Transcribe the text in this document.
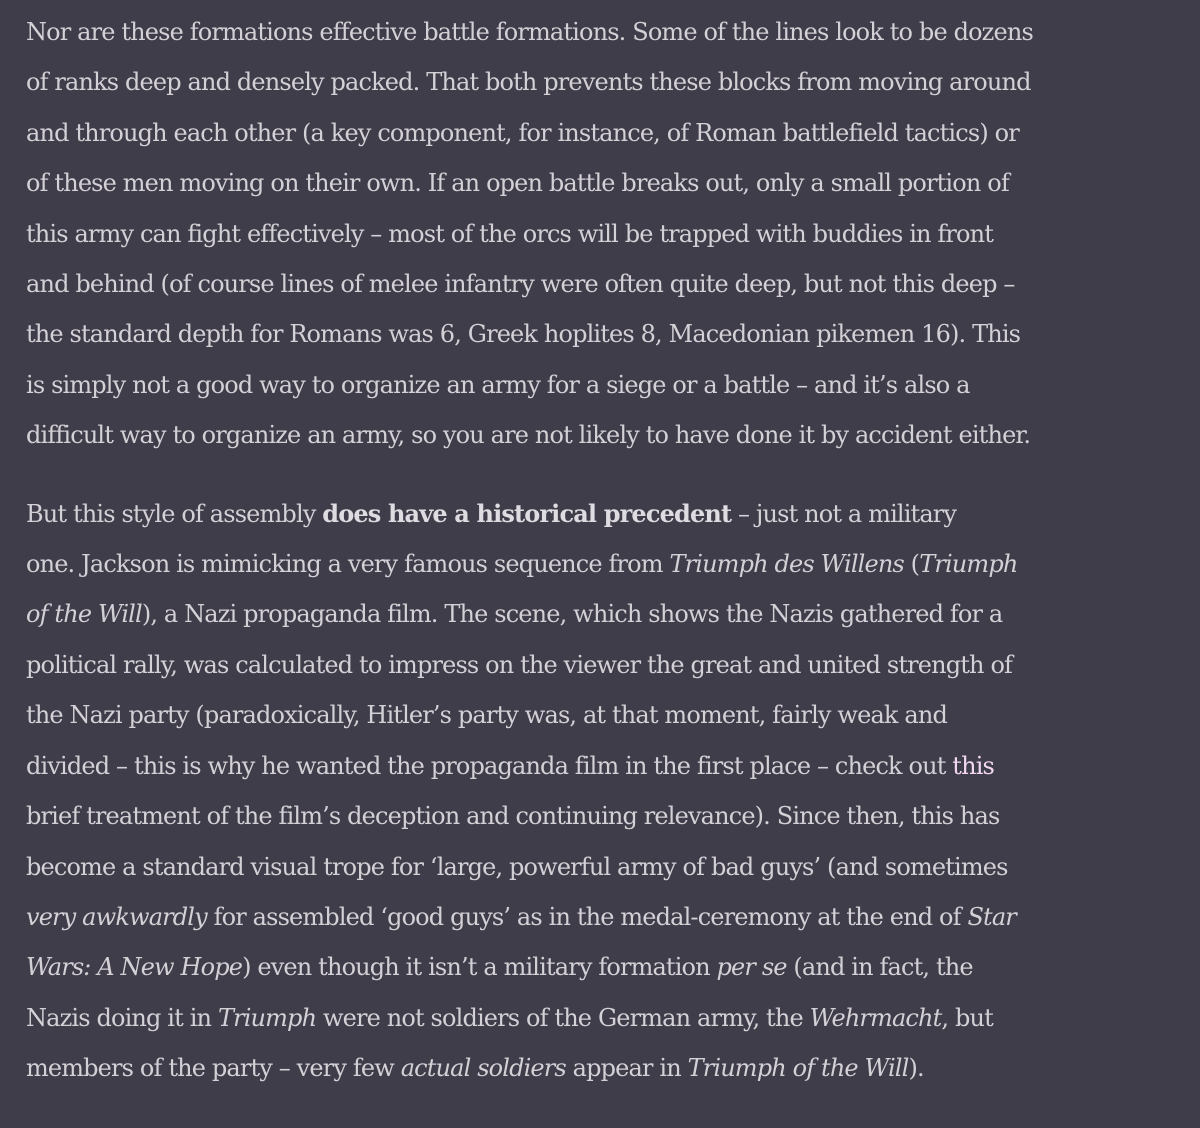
Nor are these formations effective battle formations. Some of the lines look to be dozens
of ranks deep and densely packed. That both prevents these blocks from moving around
and through each other (a key component, for instance, of Roman battlefield tactics) or
of these men moving on their own. If an open battle breaks out, only a small portion of
this army can fight effectively – most of the orcs will be trapped with buddies in front
and behind (of course lines of melee infantry were often quite deep, but not this deep –
the standard depth for Romans was 6, Greek hoplites 8, Macedonian pikemen 16). This
is simply not a good way to organize an army for a siege or a battle – and it’s also a
difficult way to organize an army, so you are not likely to have done it by accident either.

But this style of assembly does have a historical precedent – just not a military
one. Jackson is mimicking a very famous sequence from Triumph des Willens (Triumph
of the Will), a Nazi propaganda film. The scene, which shows the Nazis gathered for a
political rally, was calculated to impress on the viewer the great and united strength of
the Nazi party (paradoxically, Hitler’s party was, at that moment, fairly weak and
divided – this is why he wanted the propaganda film in the first place – check out this
brief treatment of the film’s deception and continuing relevance). Since then, this has
become a standard visual trope for ‘large, powerful army of bad guys’ (and sometimes
very awkwardly for assembled ‘good guys’ as in the medal-ceremony at the end of Star
Wars: A New Hope) even though it isn’t a military formation per se (and in fact, the
Nazis doing it in Triumph were not soldiers of the German army, the Wehrmacht, but
members of the party – very few actual soldiers appear in Triumph of the Will).
